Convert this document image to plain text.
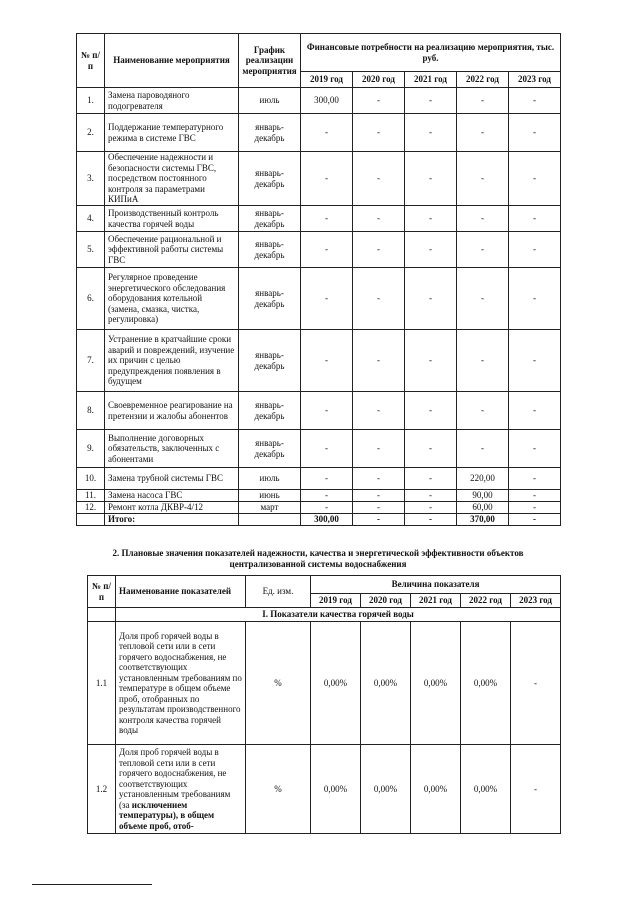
№ п/п	Наименование мероприятия	График реализации мероприятия	Финансовые потребности на реализацию мероприятия, тыс. руб.				
			2019 год	2020 год	2021 год	2022 год	2023 год
1.	Замена пароводяного подогревателя	июль	300,00	-	-	-	-
2.	Поддержание температурного режима в системе ГВС	январь-декабрь	-	-	-	-	-
3.	Обеспечение надежности и безопасности системы ГВС, посредством постоянного контроля за параметрами КИПиА	январь-декабрь	-	-	-	-	-
4.	Производственный контроль качества горячей воды	январь-декабрь	-	-	-	-	-
5.	Обеспечение рациональной и эффективной работы системы ГВС	январь-декабрь	-	-	-	-	-
6.	Регулярное проведение энергетического обследования оборудования котельной (замена, смазка, чистка, регулировка)	январь-декабрь	-	-	-	-	-
7.	Устранение в кратчайшие сроки аварий и повреждений, изучение их причин с целью предупреждения появления в будущем	январь-декабрь	-	-	-	-	-
8.	Своевременное реагирование на претензии и жалобы абонентов	январь-декабрь	-	-	-	-	-
9.	Выполнение договорных обязательств, заключенных с абонентами	январь-декабрь	-	-	-	-	-
10.	Замена трубной системы ГВС	июль	-	-	-	220,00	-
11.	Замена насоса ГВС	июнь	-	-	-	90,00	-
12.	Ремонт котла ДКВР-4/12	март	-	-	-	60,00	-
	Итого:		300,00	-	-	370,00	-
2. Плановые значения показателей надежности, качества и энергетической эффективности объектов централизованной системы водоснабжения
№ п/п	Наименование показателей	Ед. изм.	Величина показателя				
			2019 год	2020 год	2021 год	2022 год	2023 год
	I. Показатели качества горячей воды						
1.1	Доля проб горячей воды в тепловой сети или в сети горячего водоснабжения, не соответствующих установленным требованиям по температуре в общем объеме проб, отобранных по результатам производственного контроля качества горячей воды	%	0,00%	0,00%	0,00%	0,00%	-
1.2	Доля проб горячей воды в тепловой сети или в сети горячего водоснабжения, не соответствующих установленным требованиям (за исключением температуры), в общем объеме проб, отоб-	%	0,00%	0,00%	0,00%	0,00%	-
